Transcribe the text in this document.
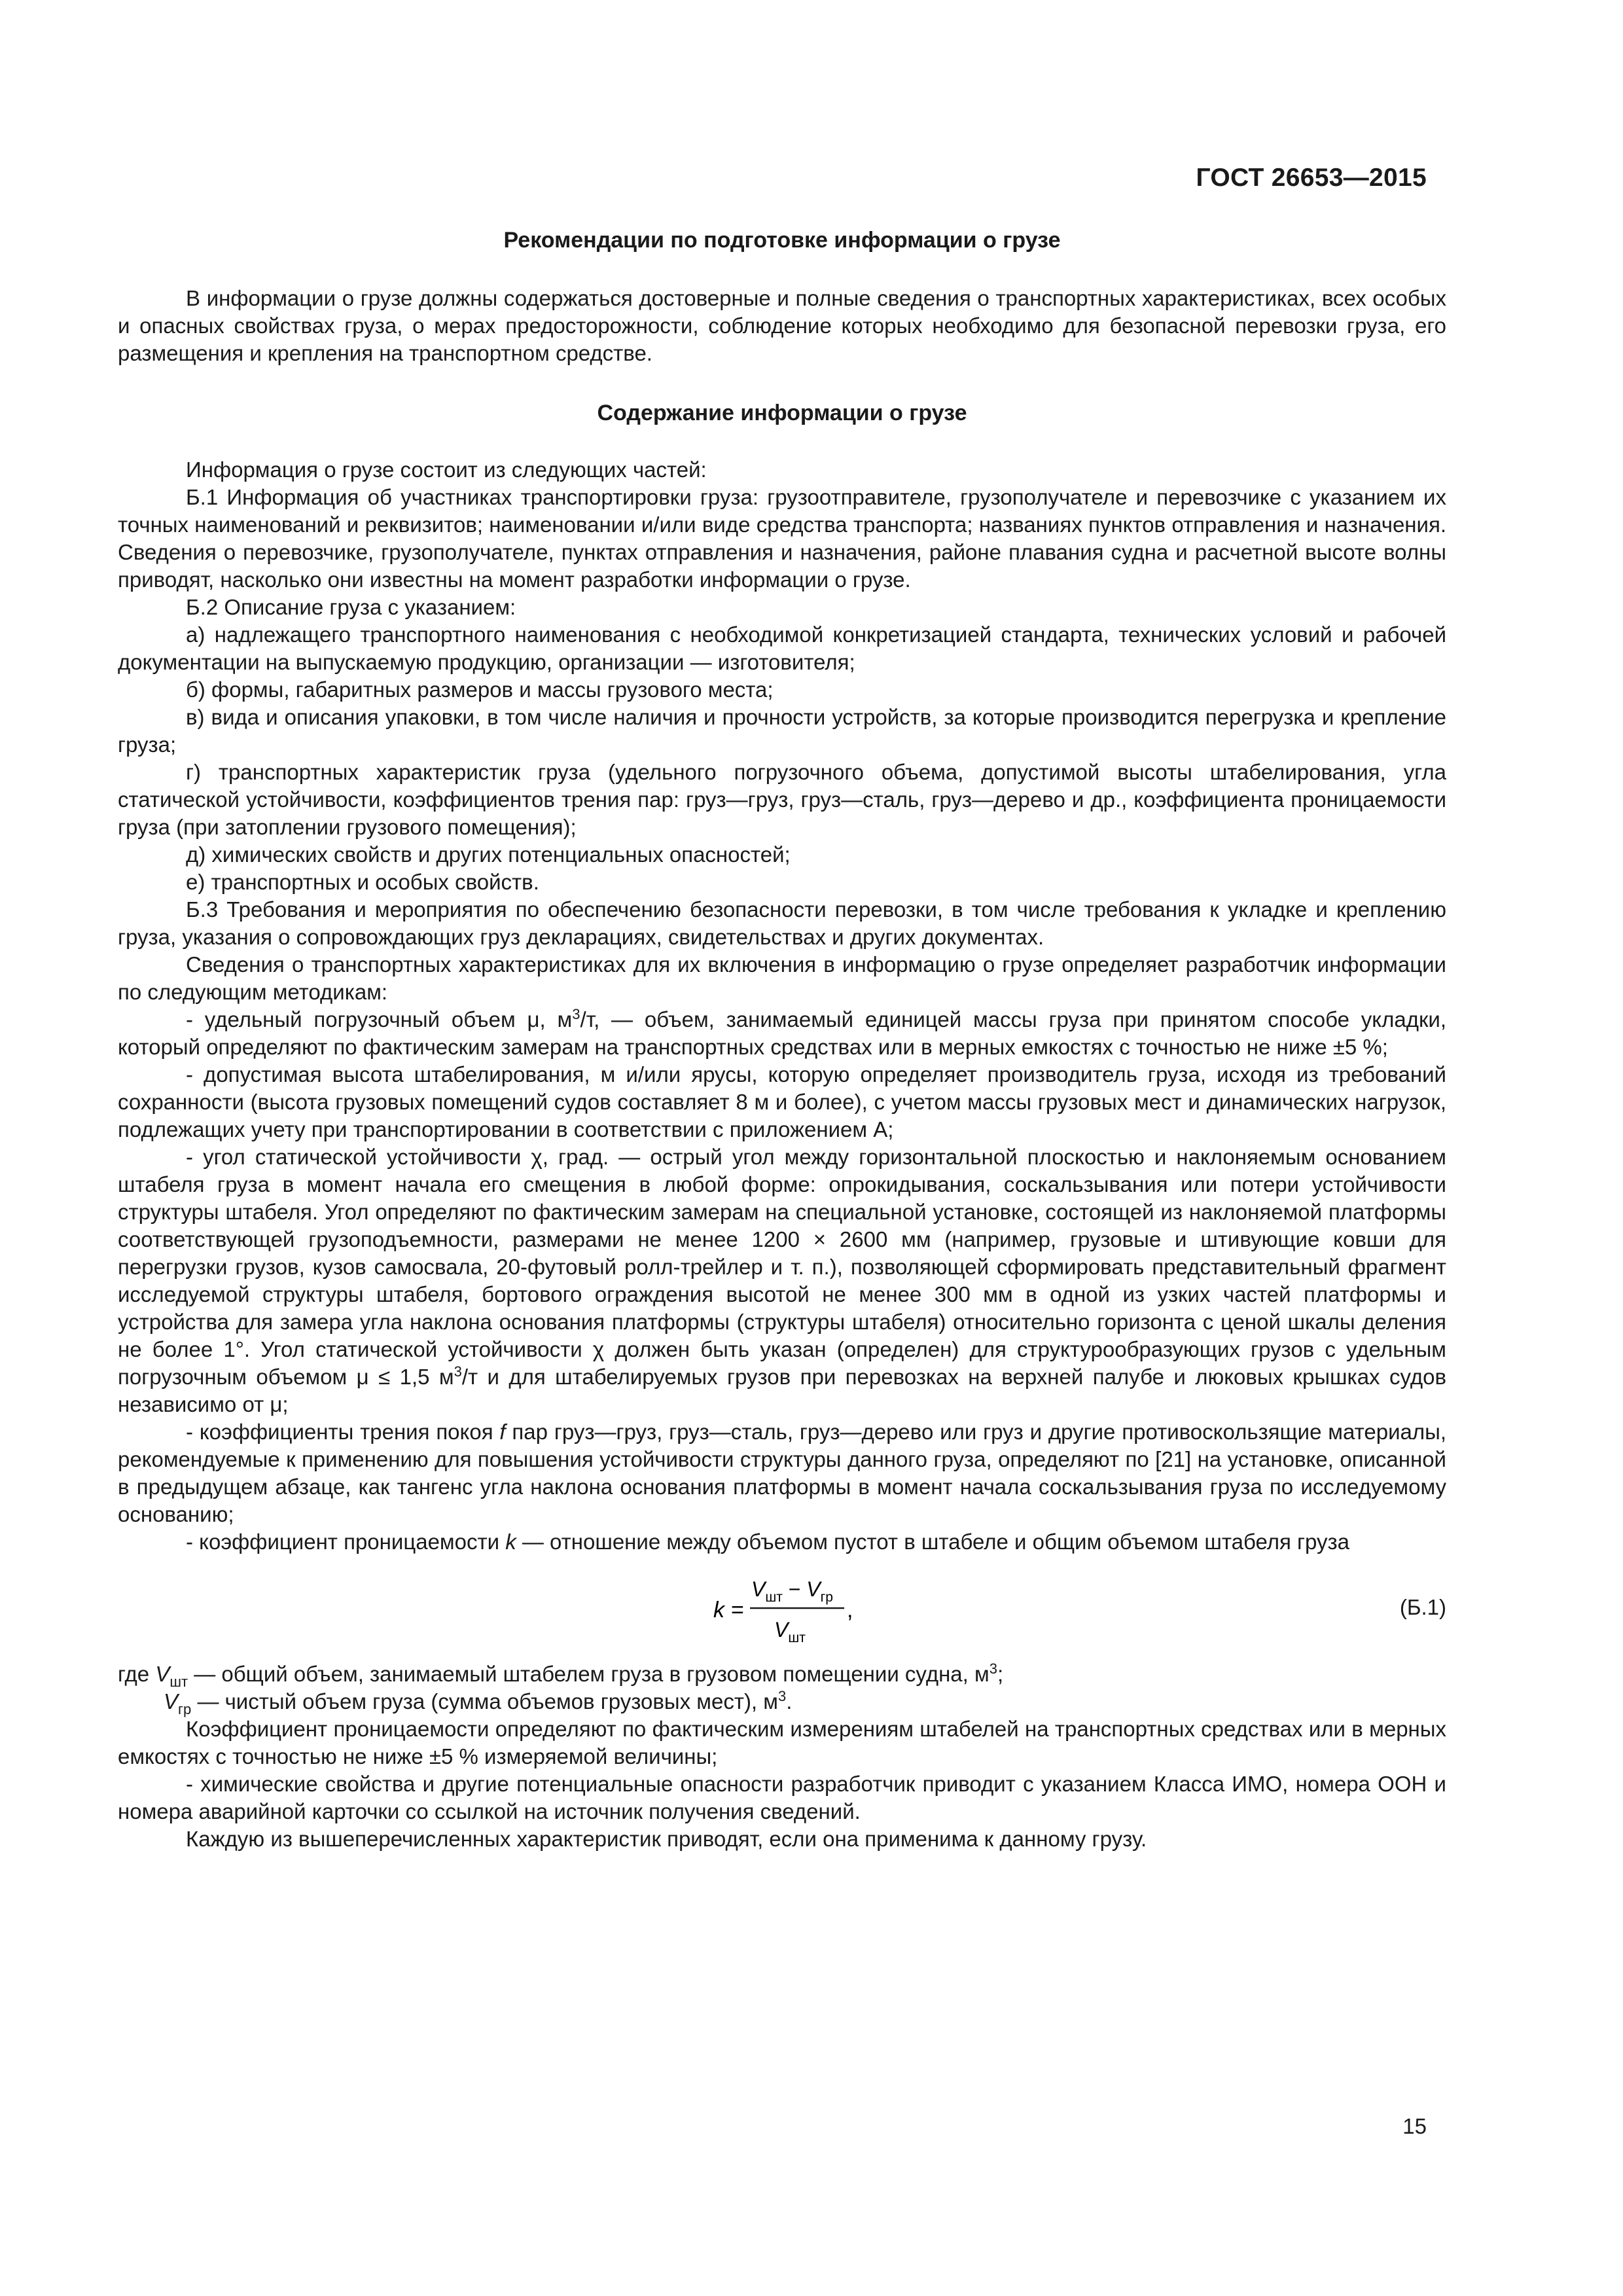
ГОСТ 26653—2015
Рекомендации по подготовке информации о грузе

В информации о грузе должны содержаться достоверные и полные сведения о транспортных характеристиках, всех особых и опасных свойствах груза, о мерах предосторожности, соблюдение которых необходимо для безопасной перевозки груза, его размещения и крепления на транспортном средстве.

Содержание информации о грузе

Информация о грузе состоит из следующих частей:

Б.1 Информация об участниках транспортировки груза: грузоотправителе, грузополучателе и перевозчике с указанием их точных наименований и реквизитов; наименовании и/или виде средства транспорта; названиях пунктов отправления и назначения. Сведения о перевозчике, грузополучателе, пунктах отправления и назначения, районе плавания судна и расчетной высоте волны приводят, насколько они известны на момент разработки информации о грузе.

Б.2 Описание груза с указанием:

а) надлежащего транспортного наименования с необходимой конкретизацией стандарта, технических условий и рабочей документации на выпускаемую продукцию, организации — изготовителя;

б) формы, габаритных размеров и массы грузового места;

в) вида и описания упаковки, в том числе наличия и прочности устройств, за которые производится перегрузка и крепление груза;

г) транспортных характеристик груза (удельного погрузочного объема, допустимой высоты штабелирования, угла статической устойчивости, коэффициентов трения пар: груз—груз, груз—сталь, груз—дерево и др., коэффициента проницаемости груза (при затоплении грузового помещения);

д) химических свойств и других потенциальных опасностей;

е) транспортных и особых свойств.

Б.3 Требования и мероприятия по обеспечению безопасности перевозки, в том числе требования к укладке и креплению груза, указания о сопровождающих груз декларациях, свидетельствах и других документах.

Сведения о транспортных характеристиках для их включения в информацию о грузе определяет разработчик информации по следующим методикам:

- удельный погрузочный объем μ, $м^3/т$, — объем, занимаемый единицей массы груза при принятом способе укладки, который определяют по фактическим замерам на транспортных средствах или в мерных емкостях с точностью не ниже ±5 %;

- допустимая высота штабелирования, м и/или ярусы, которую определяет производитель груза, исходя из требований сохранности (высота грузовых помещений судов составляет 8 м и более), с учетом массы грузовых мест и динамических нагрузок, подлежащих учету при транспортировании в соответствии с приложением А;

- угол статической устойчивости χ, град. — острый угол между горизонтальной плоскостью и наклоняемым основанием штабеля груза в момент начала его смещения в любой форме: опрокидывания, соскальзывания или потери устойчивости структуры штабеля. Угол определяют по фактическим замерам на специальной установке, состоящей из наклоняемой платформы соответствующей грузоподъемности, размерами не менее 1200 × 2600 мм (например, грузовые и штивующие ковши для перегрузки грузов, кузов самосвала, 20-футовый ролл-трейлер и т. п.), позволяющей сформировать представительный фрагмент исследуемой структуры штабеля, бортового ограждения высотой не менее 300 мм в одной из узких частей платформы и устройства для замера угла наклона основания платформы (структуры штабеля) относительно горизонта с ценой шкалы деления не более 1°. Угол статической устойчивости χ должен быть указан (определен) для структурообразующих грузов с удельным погрузочным объемом μ ≤ 1,5 $м^3/т$ и для штабелируемых грузов при перевозках на верхней палубе и люковых крышках судов независимо от μ;

- коэффициенты трения покоя f пар груз—груз, груз—сталь, груз—дерево или груз и другие противоскользящие материалы, рекомендуемые к применению для повышения устойчивости структуры данного груза, определяют по [21] на установке, описанной в предыдущем абзаце, как тангенс угла наклона основания платформы в момент начала соскальзывания груза по исследуемому основанию;

- коэффициент проницаемости k — отношение между объемом пустот в штабеле и общим объемом штабеля груза

k =
$V_{шт} - V_{гр}$
$V_{шт}$
,	(Б.1)

где $V_{шт}$ — общий объем, занимаемый штабелем груза в грузовом помещении судна, $м^3$;

$V_{гр}$ — чистый объем груза (сумма объемов грузовых мест), $м^3$.

Коэффициент проницаемости определяют по фактическим измерениям штабелей на транспортных средствах или в мерных емкостях с точностью не ниже ±5 % измеряемой величины;

- химические свойства и другие потенциальные опасности разработчик приводит с указанием Класса ИМО, номера ООН и номера аварийной карточки со ссылкой на источник получения сведений.

Каждую из вышеперечисленных характеристик приводят, если она применима к данному грузу.

15
